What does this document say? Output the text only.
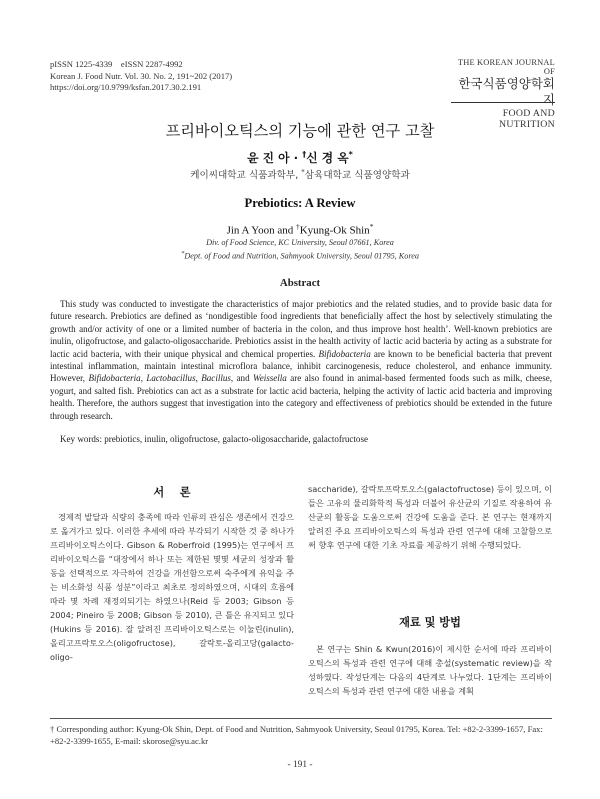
pISSN 1225-4339    eISSN 2287-4992
Korean J. Food Nutr. Vol. 30. No. 2, 191~202 (2017)
https://doi.org/10.9799/ksfan.2017.30.2.191
THE KOREAN JOURNAL OF
한국식품영양학회지
FOOD AND NUTRITION
프리바이오틱스의 기능에 관한 연구 고찰
윤 진 아 · †신 경 옥*
케이씨대학교 식품과학부, *삼육대학교 식품영양학과
Prebiotics: A Review
Jin A Yoon and †Kyung-Ok Shin*
Div. of Food Science, KC University, Seoul 07661, Korea
*Dept. of Food and Nutrition, Sahmyook University, Seoul 01795, Korea
Abstract
This study was conducted to investigate the characteristics of major prebiotics and the related studies, and to provide basic data for future research. Prebiotics are defined as ‘nondigestible food ingredients that beneficially affect the host by selectively stimulating the growth and/or activity of one or a limited number of bacteria in the colon, and thus improve host health’. Well-known prebiotics are inulin, oligofructose, and galacto-oligosaccharide. Prebiotics assist in the health activity of lactic acid bacteria by acting as a substrate for lactic acid bacteria, with their unique physical and chemical properties. Bifidobacteria are known to be beneficial bacteria that prevent intestinal inflammation, maintain intestinal microflora balance, inhibit carcinogenesis, reduce cholesterol, and enhance immunity. However, Bifidobacteria, Lactobacillus, Bacillus, and Weissella are also found in animal-based fermented foods such as milk, cheese, yogurt, and salted fish. Prebiotics can act as a substrate for lactic acid bacteria, helping the activity of lactic acid bacteria and improving health. Therefore, the authors suggest that investigation into the category and effectiveness of prebiotics should be extended in the future through research.
Key words: prebiotics, inulin, oligofructose, galacto-oligosaccharide, galactofructose
서    론

경제적 발달과 식량의 충족에 따라 인류의 관심은 생존에서 건강으로 옮겨가고 있다. 이러한 추세에 따라 부각되기 시작한 것 중 하나가 프리바이오틱스이다. Gibson & Roberfroid (1995)는 연구에서 프리바이오틱스를 “대장에서 하나 또는 제한된 몇몇 세균의 성장과 활동을 선택적으로 자극하여 건강을 개선함으로써 숙주에게 유익을 주는 비소화성 식품 성분”이라고 최초로 정의하였으며, 시대의 흐름에 따라 몇 차례 재정의되기는 하였으나(Reid 등 2003; Gibson 등 2004; Pineiro 등 2008; Gibson 등 2010), 큰 틀은 유지되고 있다(Hukins 등 2016). 잘 알려진 프리바이오틱스로는 이눌린(inulin), 올리고프락토오스(oligofructose), 갈락토-올리고당(galacto-oligo-

saccharide), 갈락토프락토오스(galactofructose) 등이 있으며, 이들은 고유의 물리화학적 특성과 더불어 유산균의 기질로 작용하여 유산균의 활동을 도움으로써 건강에 도움을 준다. 본 연구는 현재까지 알려진 주요 프리바이오틱스의 특성과 관련 연구에 대해 고찰함으로써 향후 연구에 대한 기초 자료를 제공하기 위해 수행되었다.

재료 및 방법

본 연구는 Shin & Kwun(2016)이 제시한 순서에 따라 프리바이오틱스의 특성과 관련 연구에 대해 총설(systematic review)을 작성하였다. 작성단계는 다음의 4단계로 나누었다. 1단계는 프리바이오틱스의 특성과 관련 연구에 대한 내용을 계획

† Corresponding author: Kyung-Ok Shin, Dept. of Food and Nutrition, Sahmyook University, Seoul 01795, Korea. Tel: +82-2-3399-1657, Fax: +82-2-3399-1655, E-mail: skorose@syu.ac.kr
- 191 -
